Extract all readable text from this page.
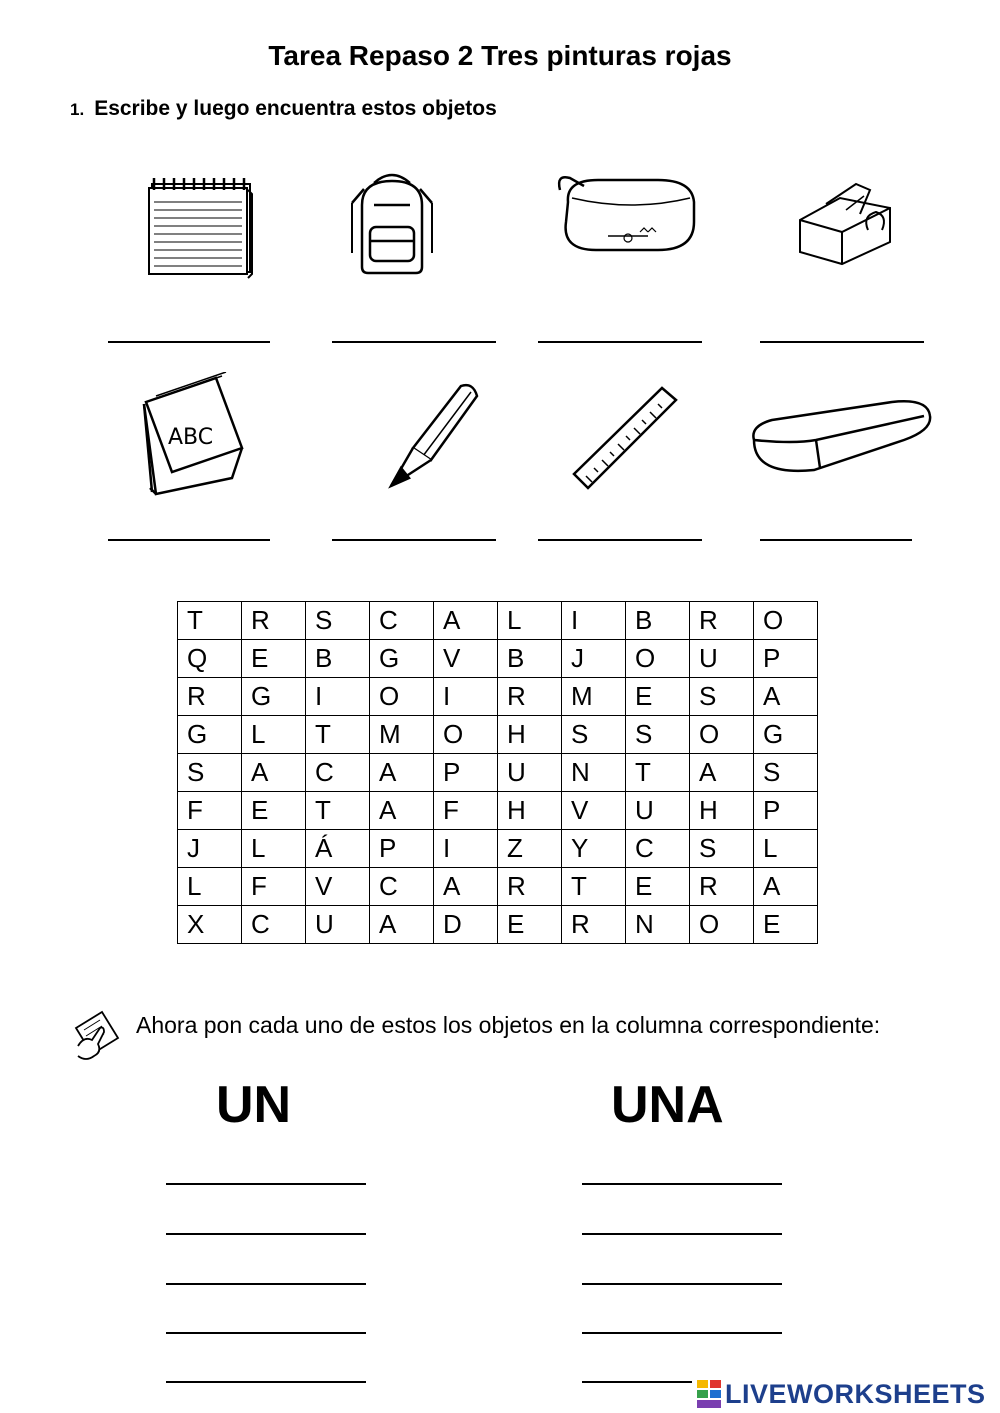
Tarea Repaso 2 Tres pinturas rojas
1. Escribe y luego encuentra estos objetos
ABC
T	R	S	C	A	L	I	B	R	O
Q	E	B	G	V	B	J	O	U	P
R	G	I	O	I	R	M	E	S	A
G	L	T	M	O	H	S	S	O	G
S	A	C	A	P	U	N	T	A	S
F	E	T	A	F	H	V	U	H	P
J	L	Á	P	I	Z	Y	C	S	L
L	F	V	C	A	R	T	E	R	A
X	C	U	A	D	E	R	N	O	E
Ahora pon cada uno de estos los objetos en la columna correspondiente:
UN	UNA
LIVEWORKSHEETS
